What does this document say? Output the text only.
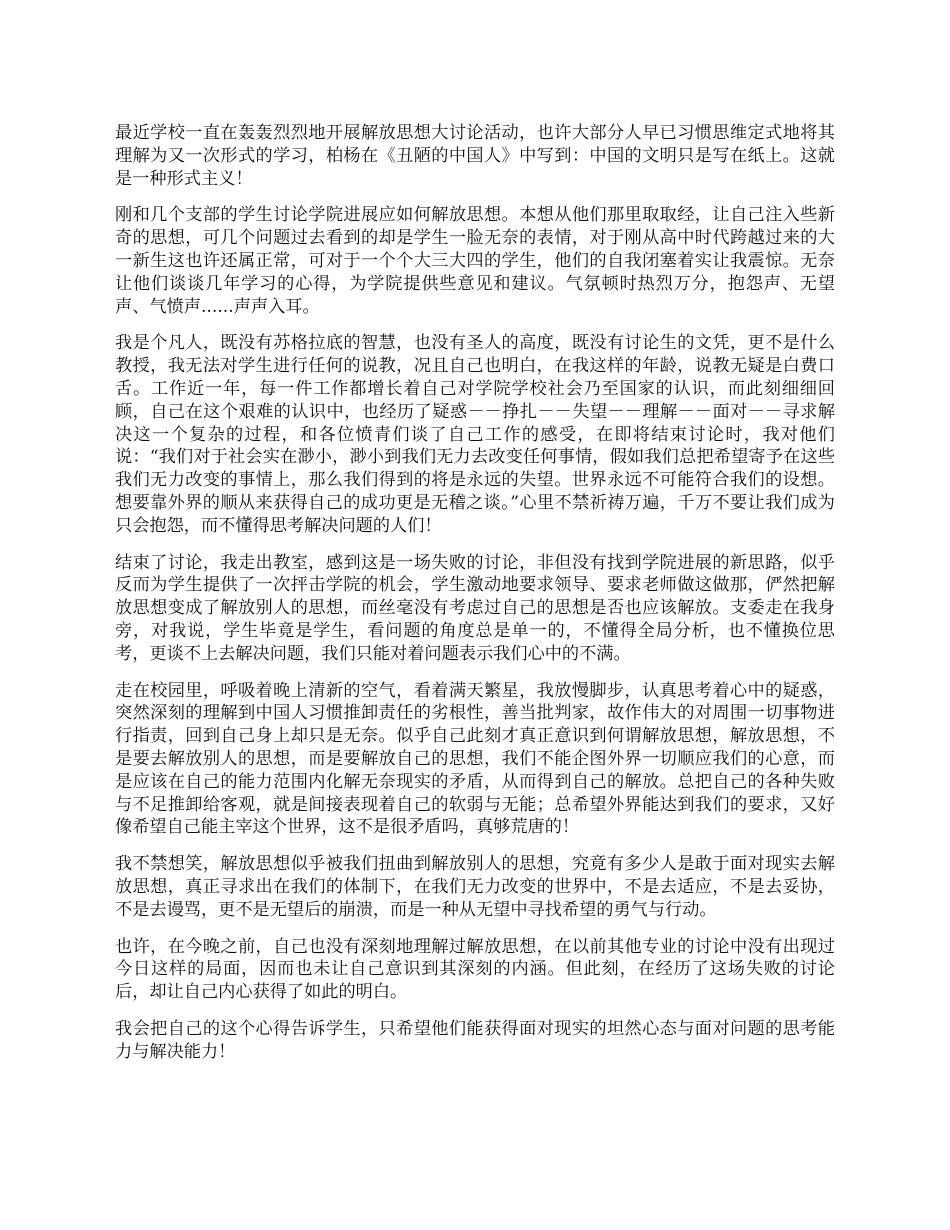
最近学校一直在轰轰烈烈地开展解放思想大讨论活动，也许大部分人早已习惯思维定式地将其理解为又一次形式的学习，柏杨在《丑陋的中国人》中写到：中国的文明只是写在纸上。这就是一种形式主义！

刚和几个支部的学生讨论学院进展应如何解放思想。本想从他们那里取取经，让自己注入些新奇的思想，可几个问题过去看到的却是学生一脸无奈的表情，对于刚从高中时代跨越过来的大一新生这也许还属正常，可对于一个个大三大四的学生，他们的自我闭塞着实让我震惊。无奈让他们谈谈几年学习的心得，为学院提供些意见和建议。气氛顿时热烈万分，抱怨声、无望声、气愤声......声声入耳。

我是个凡人，既没有苏格拉底的智慧，也没有圣人的高度，既没有讨论生的文凭，更不是什么教授，我无法对学生进行任何的说教，况且自己也明白，在我这样的年龄，说教无疑是白费口舌。工作近一年，每一件工作都增长着自己对学院学校社会乃至国家的认识，而此刻细细回顾，自己在这个艰难的认识中，也经历了疑惑－－挣扎－－失望－－理解－－面对－－寻求解决这一个复杂的过程，和各位愤青们谈了自己工作的感受，在即将结束讨论时，我对他们说：“我们对于社会实在渺小，渺小到我们无力去改变任何事情，假如我们总把希望寄予在这些我们无力改变的事情上，那么我们得到的将是永远的失望。世界永远不可能符合我们的设想。想要靠外界的顺从来获得自己的成功更是无稽之谈。”心里不禁祈祷万遍，千万不要让我们成为只会抱怨，而不懂得思考解决问题的人们！

结束了讨论，我走出教室，感到这是一场失败的讨论，非但没有找到学院进展的新思路，似乎反而为学生提供了一次抨击学院的机会，学生激动地要求领导、要求老师做这做那，俨然把解放思想变成了解放别人的思想，而丝毫没有考虑过自己的思想是否也应该解放。支委走在我身旁，对我说，学生毕竟是学生，看问题的角度总是单一的，不懂得全局分析，也不懂换位思考，更谈不上去解决问题，我们只能对着问题表示我们心中的不满。

走在校园里，呼吸着晚上清新的空气，看着满天繁星，我放慢脚步，认真思考着心中的疑惑，突然深刻的理解到中国人习惯推卸责任的劣根性，善当批判家，故作伟大的对周围一切事物进行指责，回到自己身上却只是无奈。似乎自己此刻才真正意识到何谓解放思想，解放思想，不是要去解放别人的思想，而是要解放自己的思想，我们不能企图外界一切顺应我们的心意，而是应该在自己的能力范围内化解无奈现实的矛盾，从而得到自己的解放。总把自己的各种失败与不足推卸给客观，就是间接表现着自己的软弱与无能；总希望外界能达到我们的要求，又好像希望自己能主宰这个世界，这不是很矛盾吗，真够荒唐的！

我不禁想笑，解放思想似乎被我们扭曲到解放别人的思想，究竟有多少人是敢于面对现实去解放思想，真正寻求出在我们的体制下，在我们无力改变的世界中，不是去适应，不是去妥协，不是去谩骂，更不是无望后的崩溃，而是一种从无望中寻找希望的勇气与行动。

也许，在今晚之前，自己也没有深刻地理解过解放思想，在以前其他专业的讨论中没有出现过今日这样的局面，因而也未让自己意识到其深刻的内涵。但此刻，在经历了这场失败的讨论后，却让自己内心获得了如此的明白。

我会把自己的这个心得告诉学生，只希望他们能获得面对现实的坦然心态与面对问题的思考能力与解决能力！
